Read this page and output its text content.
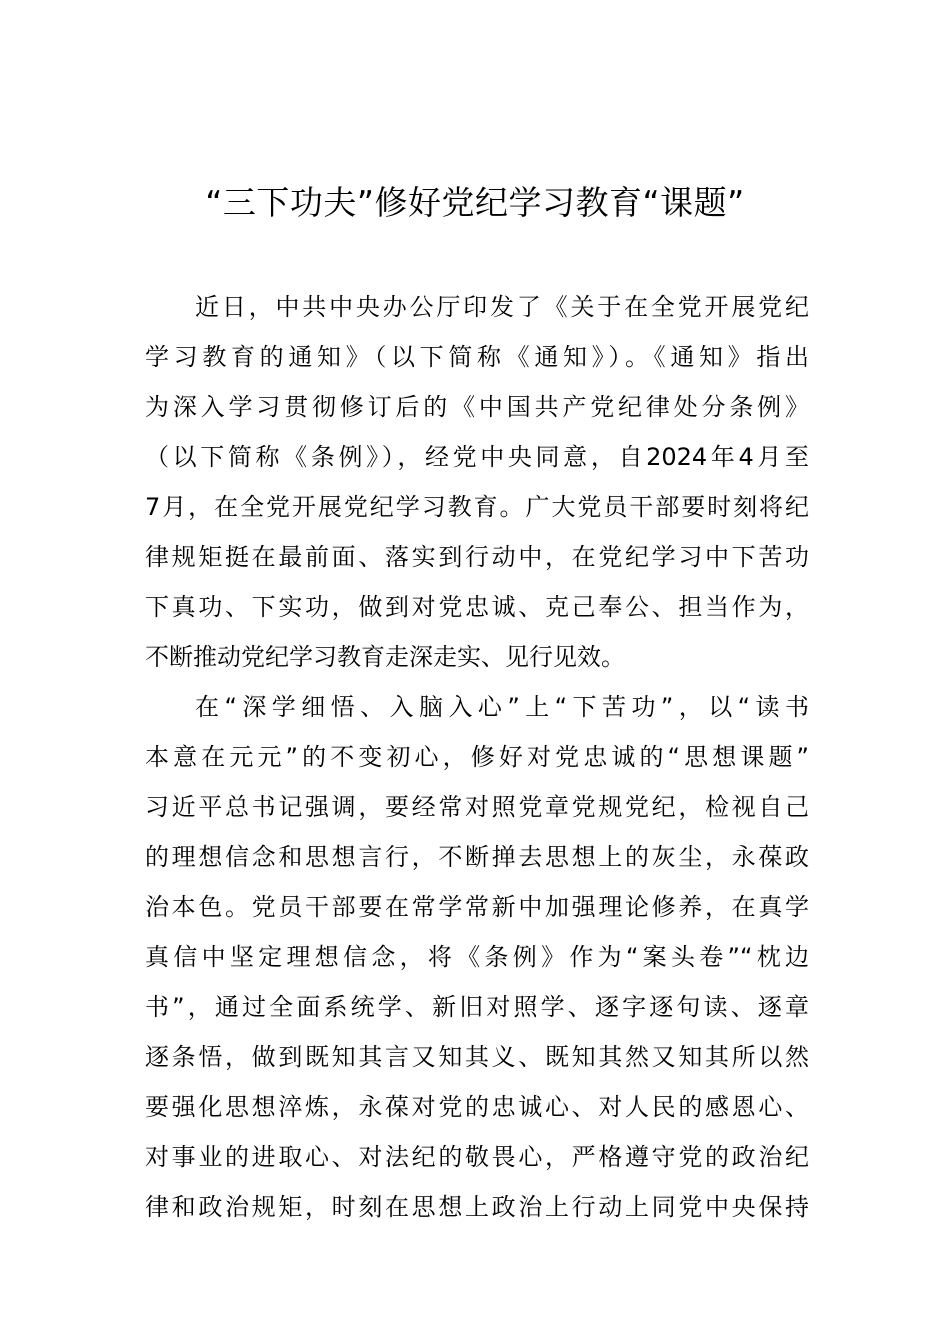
“三下功夫”修好党纪学习教育“课题”
近日，中共中央办公厅印发了《关于在全党开展党纪
学习教育的通知》（以下简称《通知》）。《通知》指出
为深入学习贯彻修订后的《中国共产党纪律处分条例》
（以下简称《条例》），经党中央同意，自2024年4月至
7月，在全党开展党纪学习教育。广大党员干部要时刻将纪
律规矩挺在最前面、落实到行动中，在党纪学习中下苦功
下真功、下实功，做到对党忠诚、克己奉公、担当作为，
不断推动党纪学习教育走深走实、见行见效。
在“深学细悟、入脑入心”上“下苦功”，以“读书
本意在元元”的不变初心，修好对党忠诚的“思想课题”
习近平总书记强调，要经常对照党章党规党纪，检视自己
的理想信念和思想言行，不断掸去思想上的灰尘，永葆政
治本色。党员干部要在常学常新中加强理论修养，在真学
真信中坚定理想信念，将《条例》作为“案头卷”“枕边
书”，通过全面系统学、新旧对照学、逐字逐句读、逐章
逐条悟，做到既知其言又知其义、既知其然又知其所以然
要强化思想淬炼，永葆对党的忠诚心、对人民的感恩心、
对事业的进取心、对法纪的敬畏心，严格遵守党的政治纪
律和政治规矩，时刻在思想上政治上行动上同党中央保持
